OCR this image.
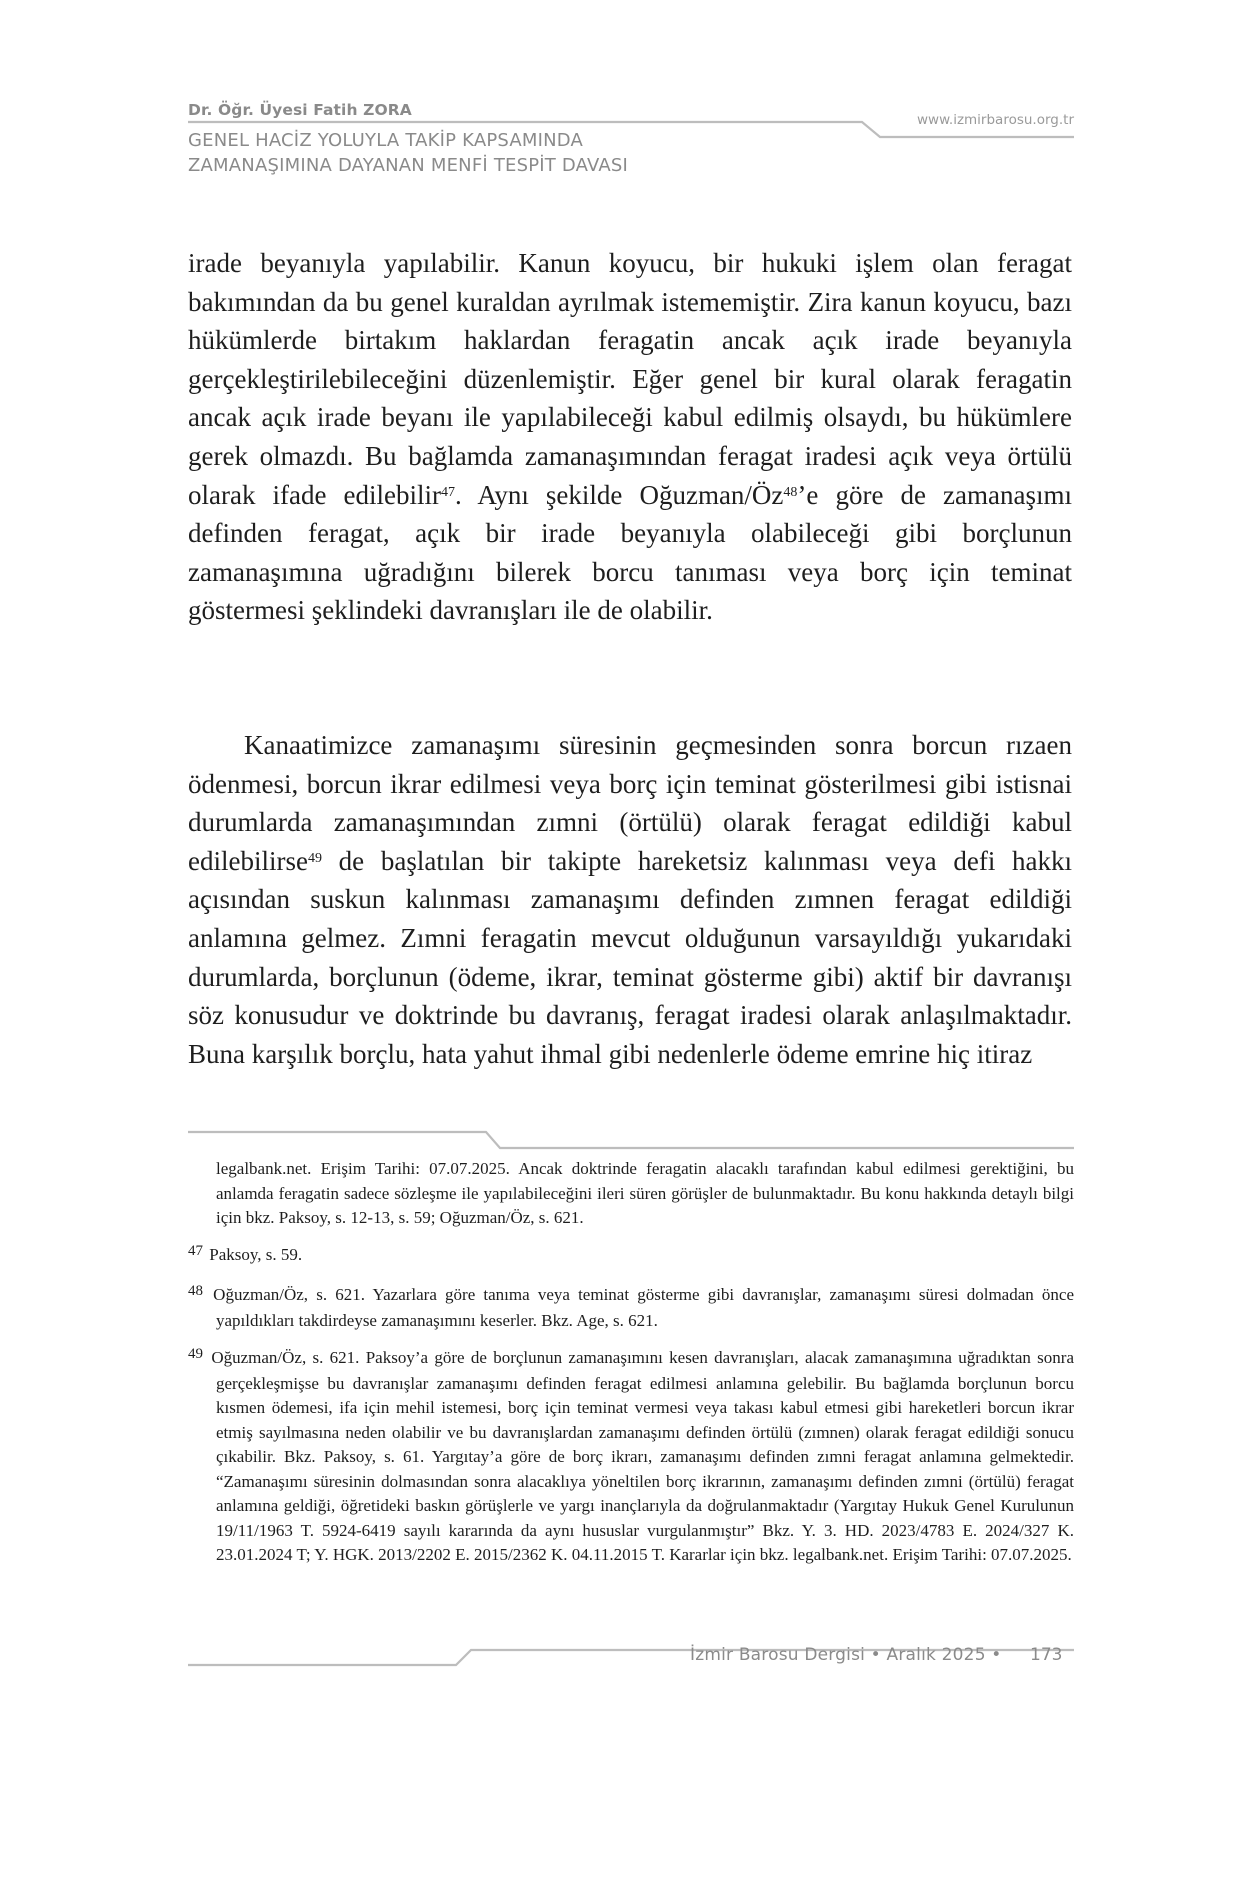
Dr. Öğr. Üyesi Fatih ZORA
GENEL HACİZ YOLUYLA TAKİP KAPSAMINDA
ZAMANAŞIMINA DAYANAN MENFİ TESPİT DAVASI
www.izmirbarosu.org.tr

irade beyanıyla yapılabilir. Kanun koyucu, bir hukuki işlem olan feragat bakımından da bu genel kuraldan ayrılmak istememiştir. Zira kanun koyucu, bazı hükümlerde birtakım haklardan feragatin ancak açık irade beyanıyla gerçekleştirilebileceğini düzenlemiştir. Eğer genel bir kural olarak feragatin ancak açık irade beyanı ile yapılabileceği kabul edilmiş olsaydı, bu hükümlere gerek olmazdı. Bu bağlamda zamanaşımından feragat iradesi açık veya örtülü olarak ifade edilebilir$^{47}$. Aynı şekilde Oğuzman/$Öz^{48}’e$ göre de zamanaşımı definden feragat, açık bir irade beyanıyla olabileceği gibi borçlunun zamanaşımına uğradığını bilerek borcu tanıması veya borç için teminat göstermesi şeklindeki davranışları ile de olabilir.

Kanaatimizce zamanaşımı süresinin geçmesinden sonra borcun rızaen ödenmesi, borcun ikrar edilmesi veya borç için teminat gösterilmesi gibi istisnai durumlarda zamanaşımından zımni (örtülü) olarak feragat edildiği kabul edilebilirse$^{49}$ de başlatılan bir takipte hareketsiz kalınması veya defi hakkı açısından suskun kalınması zamanaşımı definden zımnen feragat edildiği anlamına gelmez. Zımni feragatin mevcut olduğunun varsayıldığı yukarıdaki durumlarda, borçlunun (ödeme, ikrar, teminat gösterme gibi) aktif bir davranışı söz konusudur ve doktrinde bu davranış, feragat iradesi olarak anlaşılmaktadır. Buna karşılık borçlu, hata yahut ihmal gibi nedenlerle ödeme emrine hiç itiraz

legalbank.net. Erişim Tarihi: 07.07.2025. Ancak doktrinde feragatin alacaklı tarafından kabul edilmesi gerektiğini, bu anlamda feragatin sadece sözleşme ile yapılabileceğini ileri süren görüşler de bulunmaktadır. Bu konu hakkında detaylı bilgi için bkz. Paksoy, s. 12-13, s. 59; Oğuzman/Öz, s. 621.

47 Paksoy, s. 59.

48 Oğuzman/Öz, s. 621. Yazarlara göre tanıma veya teminat gösterme gibi davranışlar, zamanaşımı süresi dolmadan önce yapıldıkları takdirdeyse zamanaşımını keserler. Bkz. Age, s. 621.

49 Oğuzman/Öz, s. 621. Paksoy’a göre de borçlunun zamanaşımını kesen davranışları, alacak zamanaşımına uğradıktan sonra gerçekleşmişse bu davranışlar zamanaşımı definden feragat edilmesi anlamına gelebilir. Bu bağlamda borçlunun borcu kısmen ödemesi, ifa için mehil istemesi, borç için teminat vermesi veya takası kabul etmesi gibi hareketleri borcun ikrar etmiş sayılmasına neden olabilir ve bu davranışlardan zamanaşımı definden örtülü (zımnen) olarak feragat edildiği sonucu çıkabilir. Bkz. Paksoy, s. 61. Yargıtay’a göre de borç ikrarı, zamanaşımı definden zımni feragat anlamına gelmektedir. “Zamanaşımı süresinin dolmasından sonra alacaklıya yöneltilen borç ikrarının, zamanaşımı definden zımni (örtülü) feragat anlamına geldiği, öğretideki baskın görüşlerle ve yargı inançlarıyla da doğrulanmaktadır (Yargıtay Hukuk Genel Kurulunun 19/11/1963 T. 5924-6419 sayılı kararında da aynı hususlar vurgulanmıştır” Bkz. Y. 3. HD. 2023/4783 E. 2024/327 K. 23.01.2024 T; Y. HGK. 2013/2202 E. 2015/2362 K. 04.11.2015 T. Kararlar için bkz. legalbank.net. Erişim Tarihi: 07.07.2025.

İzmir Barosu Dergisi • Aralık 2025 • 173
